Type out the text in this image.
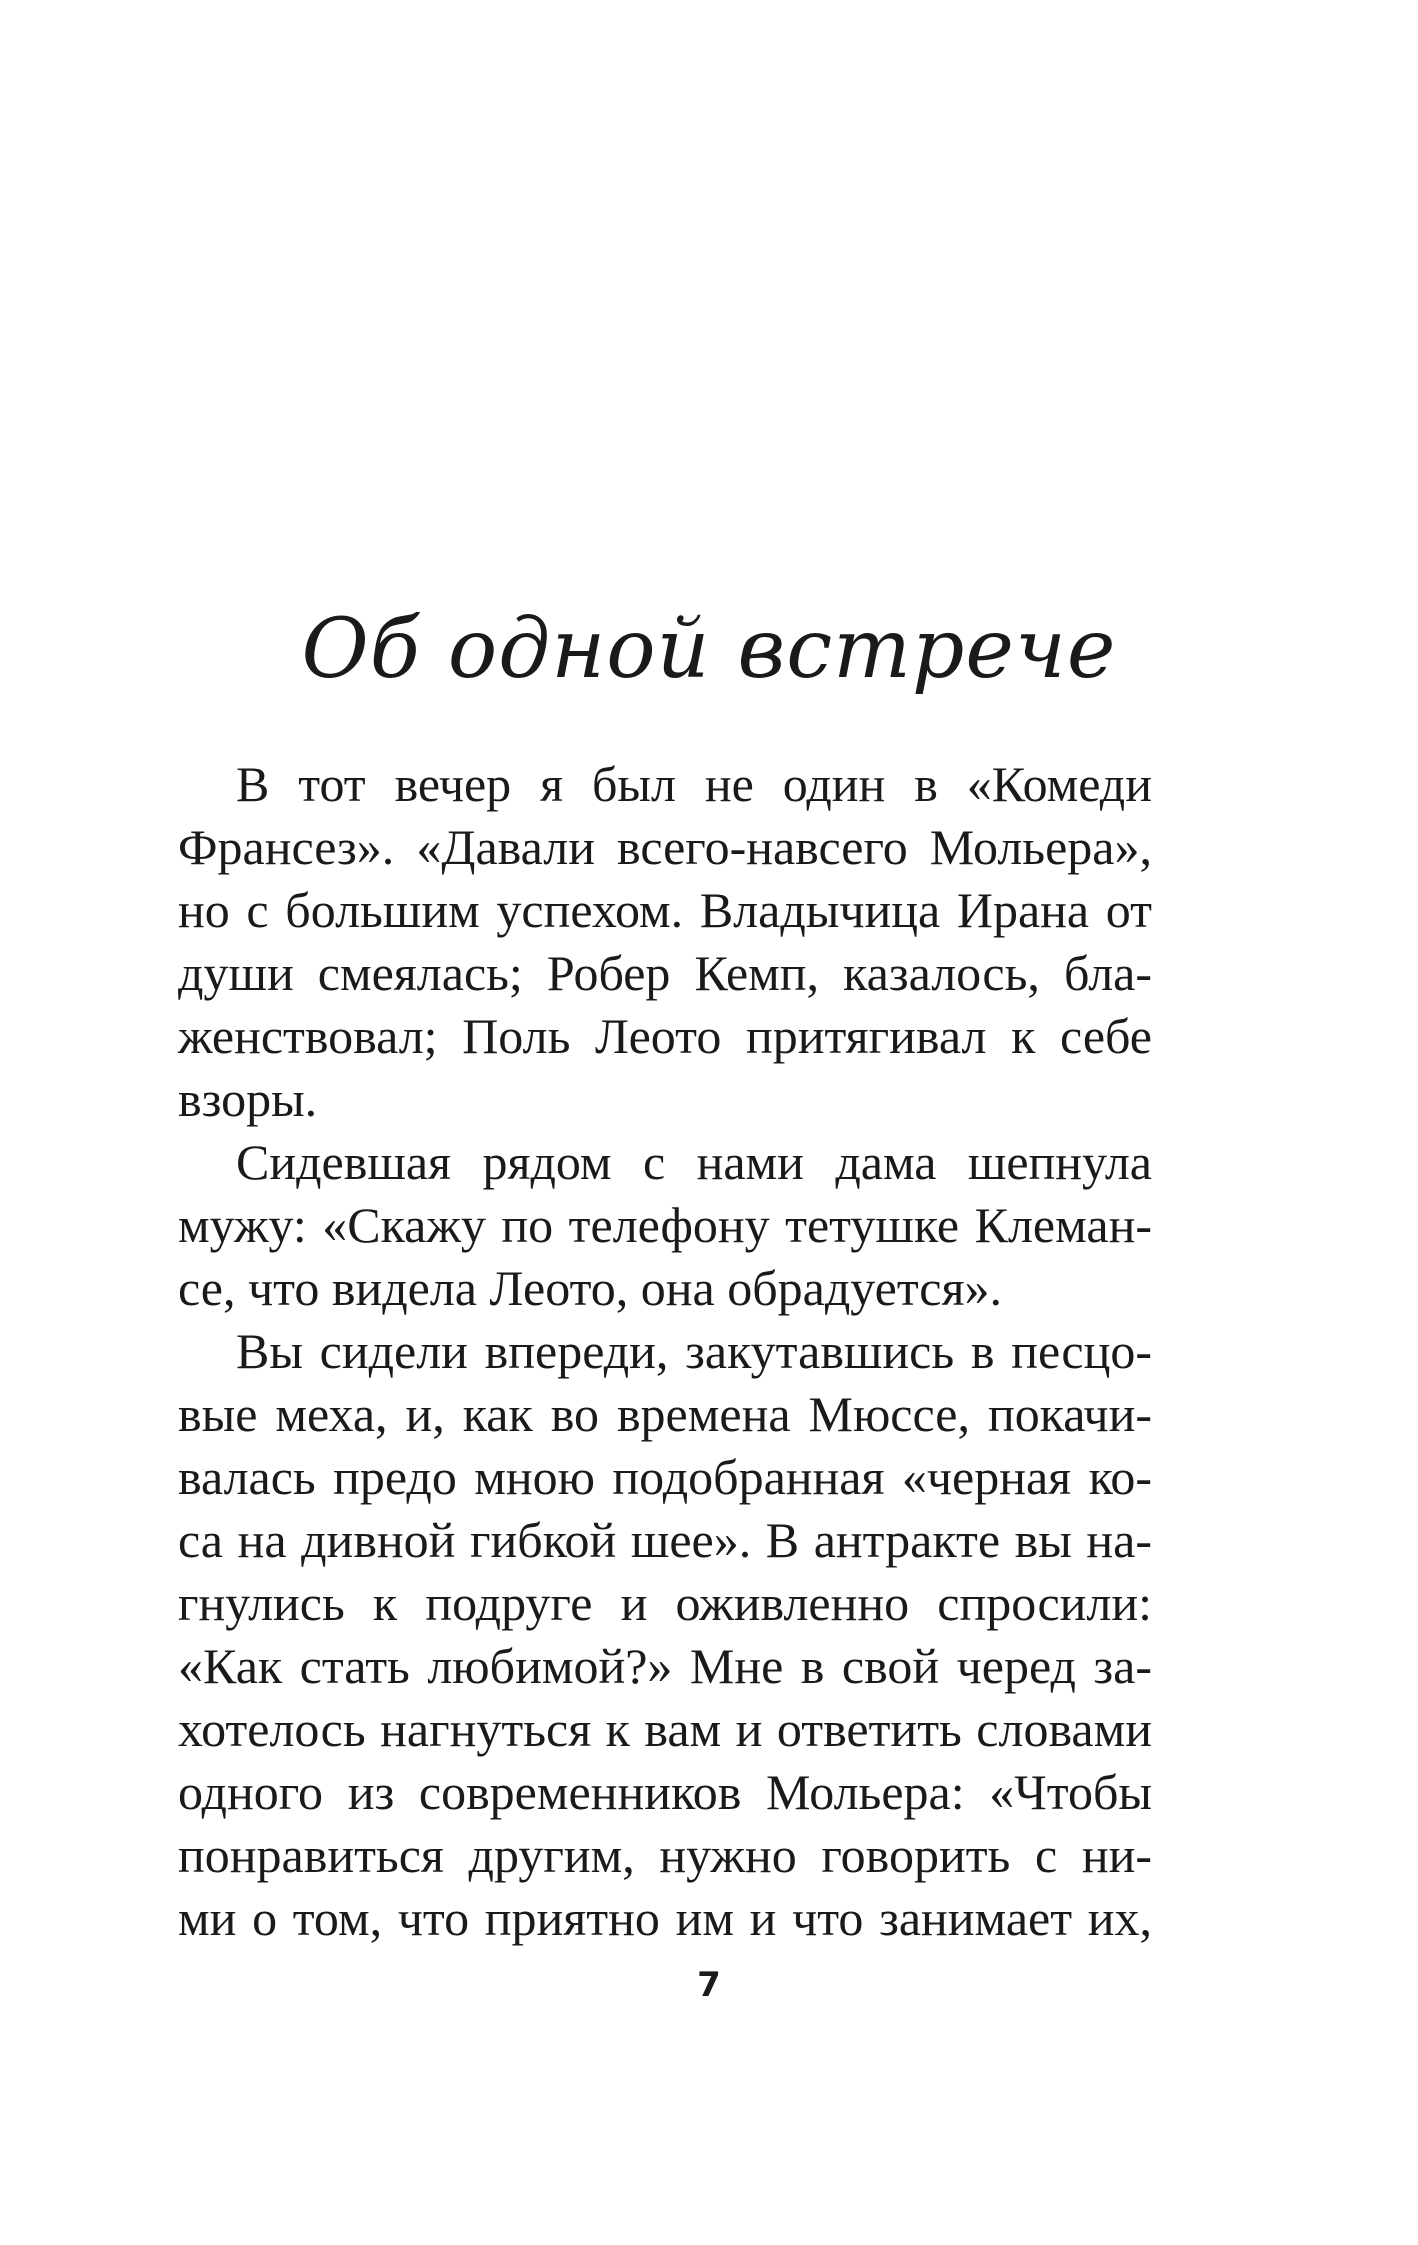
Об одной встрече
В тот вечер я был не один в «Комеди
Франсез». «Давали всего-навсего Мольера»,
но с большим успехом. Владычица Ирана от
души смеялась; Робер Кемп, казалось, бла-
женствовал; Поль Леото притягивал к себе
взоры.
Сидевшая рядом с нами дама шепнула
мужу: «Скажу по телефону тетушке Клеман-
се, что видела Леото, она обрадуется».
Вы сидели впереди, закутавшись в песцо-
вые меха, и, как во времена Мюссе, покачи-
валась предо мною подобранная «черная ко-
са на дивной гибкой шее». В антракте вы на-
гнулись к подруге и оживленно спросили:
«Как стать любимой?» Мне в свой черед за-
хотелось нагнуться к вам и ответить словами
одного из современников Мольера: «Чтобы
понравиться другим, нужно говорить с ни-
ми о том, что приятно им и что занимает их,
7
